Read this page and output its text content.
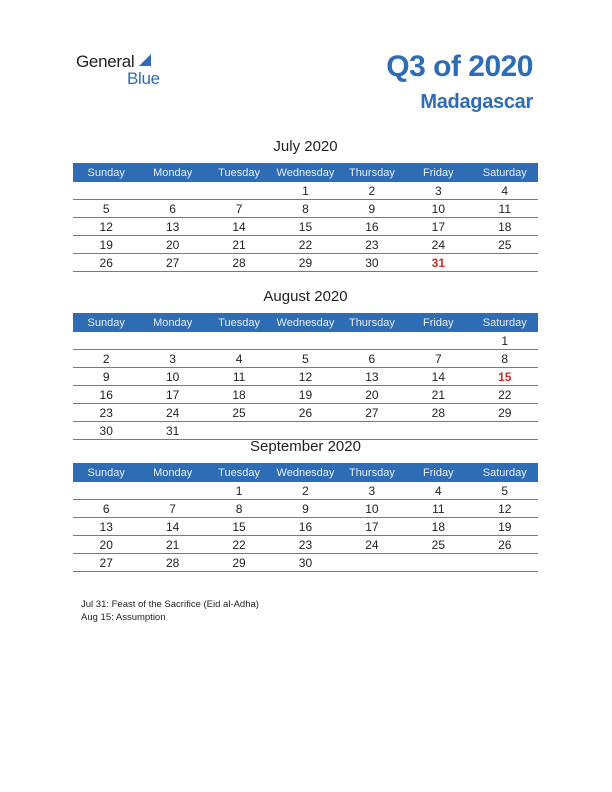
General
Blue	Q3 of 2020
Madagascar
July 2020
Sunday	Monday	Tuesday	Wednesday	Thursday	Friday	Saturday
			1	2	3	4
5	6	7	8	9	10	11
12	13	14	15	16	17	18
19	20	21	22	23	24	25
26	27	28	29	30	31	
August 2020
Sunday	Monday	Tuesday	Wednesday	Thursday	Friday	Saturday
						1
2	3	4	5	6	7	8
9	10	11	12	13	14	15
16	17	18	19	20	21	22
23	24	25	26	27	28	29
30	31					
September 2020
Sunday	Monday	Tuesday	Wednesday	Thursday	Friday	Saturday
		1	2	3	4	5
6	7	8	9	10	11	12
13	14	15	16	17	18	19
20	21	22	23	24	25	26
27	28	29	30			
Jul 31: Feast of the Sacrifice (Eid al-Adha)
Aug 15: Assumption
